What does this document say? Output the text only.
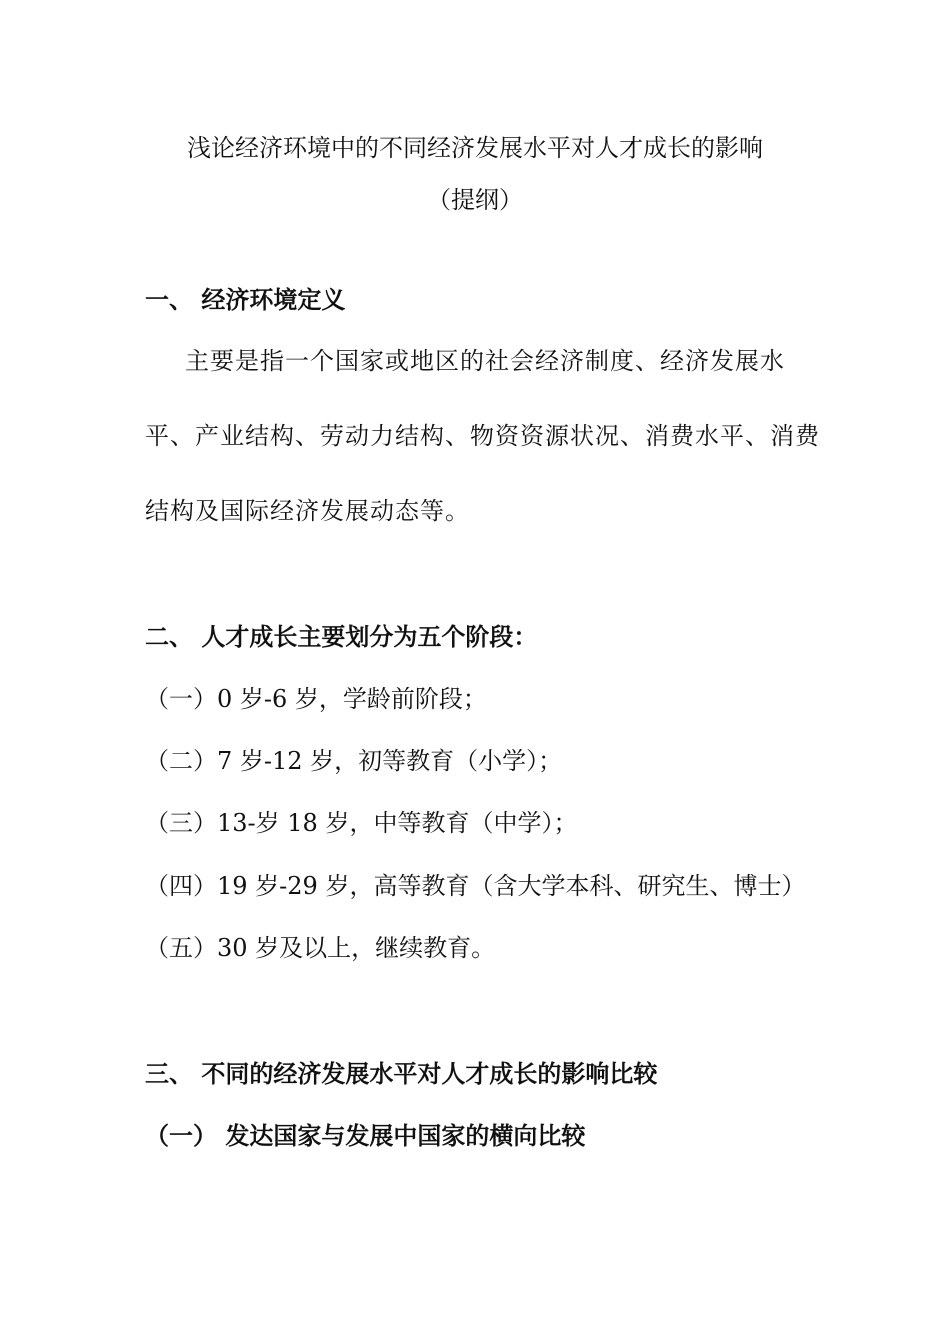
浅论经济环境中的不同经济发展水平对人才成长的影响
（提纲）
一、 经济环境定义
主要是指一个国家或地区的社会经济制度、经济发展水
平、产业结构、劳动力结构、物资资源状况、消费水平、消费
结构及国际经济发展动态等。
二、 人才成长主要划分为五个阶段：
（一）0 岁-6 岁，学龄前阶段；
（二）7 岁-12 岁，初等教育（小学）；
（三）13-岁 18 岁，中等教育（中学）；
（四）19 岁-29 岁，高等教育（含大学本科、研究生、博士）
（五）30 岁及以上，继续教育。
三、 不同的经济发展水平对人才成长的影响比较
（一） 发达国家与发展中国家的横向比较
